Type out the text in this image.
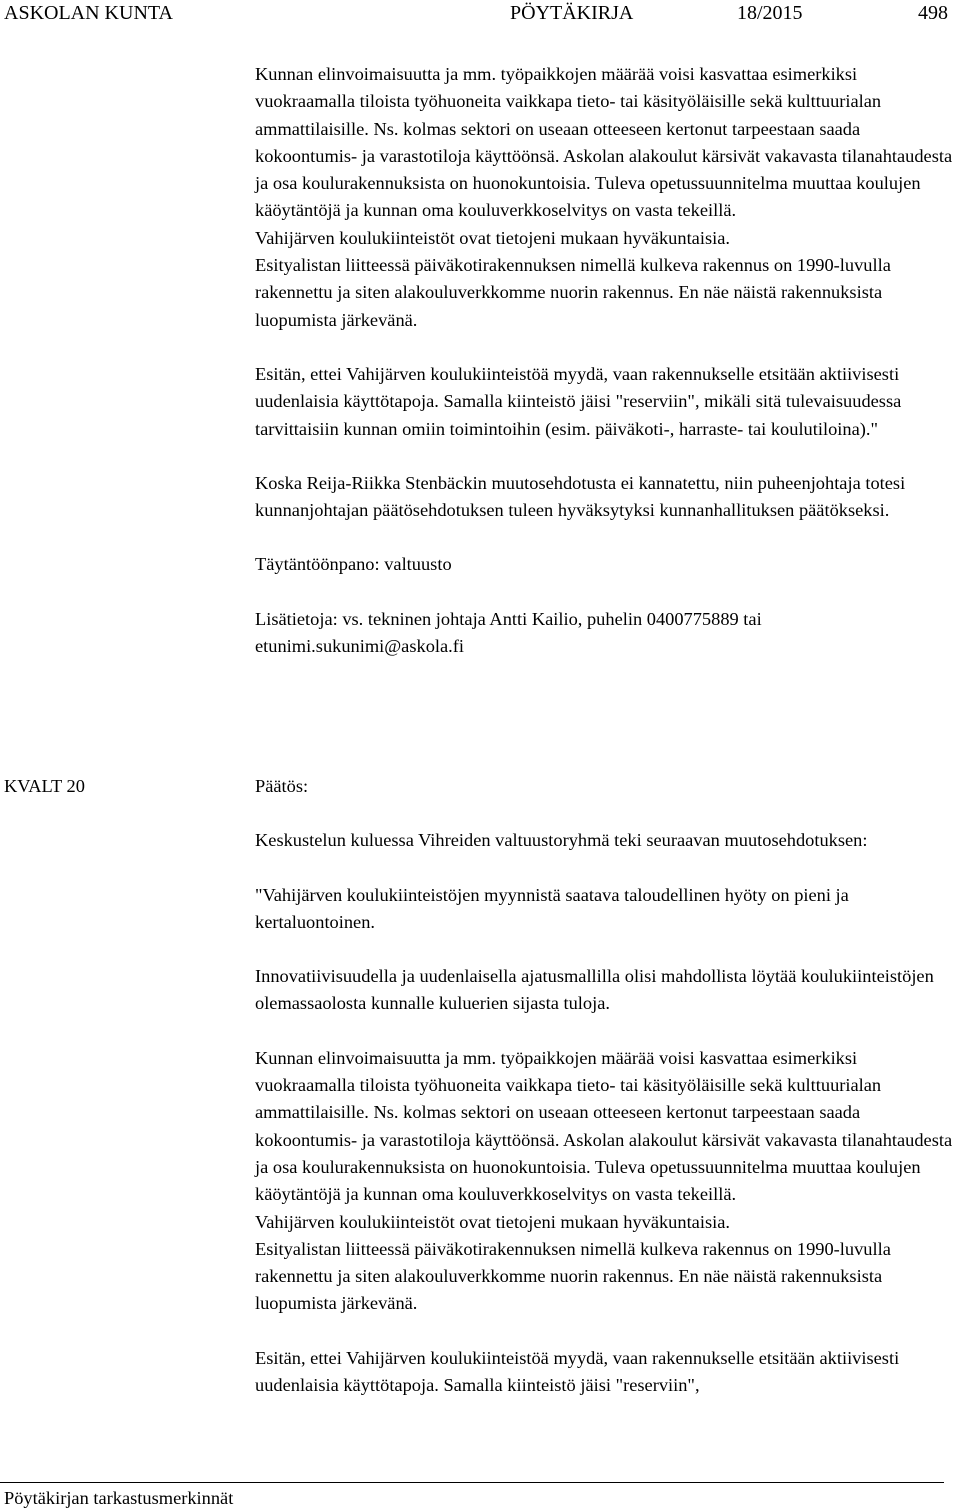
ASKOLAN KUNTA	PÖYTÄKIRJA	18/2015	498

Kunnan elinvoimaisuutta ja mm. työpaikkojen määrää voisi kasvattaa esimerkiksi vuokraamalla tiloista työhuoneita vaikkapa tieto- tai käsityöläisille sekä kulttuurialan ammattilaisille. Ns. kolmas sektori on useaan otteeseen kertonut tarpeestaan saada kokoontumis- ja varastotiloja käyttöönsä. Askolan alakoulut kärsivät vakavasta tilanahtaudesta ja osa koulurakennuksista on huonokuntoisia. Tuleva opetussuunnitelma muuttaa koulujen käöytäntöjä ja kunnan oma kouluverkkoselvitys on vasta tekeillä.

Vahijärven koulukiinteistöt ovat tietojeni mukaan hyväkuntaisia.

Esityalistan liitteessä päiväkotirakennuksen nimellä kulkeva rakennus on 1990-luvulla rakennettu ja siten alakouluverkkomme nuorin rakennus. En näe näistä rakennuksista luopumista järkevänä.

Esitän, ettei Vahijärven koulukiinteistöä myydä, vaan rakennukselle etsitään aktiivisesti uudenlaisia käyttötapoja. Samalla kiinteistö jäisi "reserviin", mikäli sitä tulevaisuudessa tarvittaisiin kunnan omiin toimintoihin (esim. päiväkoti-, harraste- tai koulutiloina)."

Koska Reija-Riikka Stenbäckin muutosehdotusta ei kannatettu, niin puheenjohtaja totesi kunnanjohtajan päätösehdotuksen tuleen hyväksytyksi kunnanhallituksen päätökseksi.

Täytäntöönpano: valtuusto

Lisätietoja: vs. tekninen johtaja Antti Kailio, puhelin 0400775889 tai etunimi.sukunimi@askola.fi

KVALT 20	Päätös:

Keskustelun kuluessa Vihreiden valtuustoryhmä teki seuraavan muutosehdotuksen:

"Vahijärven koulukiinteistöjen myynnistä saatava taloudellinen hyöty on pieni ja kertaluontoinen.

Innovatiivisuudella ja uudenlaisella ajatusmallilla olisi mahdollista löytää koulukiinteistöjen olemassaolosta kunnalle kuluerien sijasta tuloja.

Kunnan elinvoimaisuutta ja mm. työpaikkojen määrää voisi kasvattaa esimerkiksi vuokraamalla tiloista työhuoneita vaikkapa tieto- tai käsityöläisille sekä kulttuurialan ammattilaisille. Ns. kolmas sektori on useaan otteeseen kertonut tarpeestaan saada kokoontumis- ja varastotiloja käyttöönsä. Askolan alakoulut kärsivät vakavasta tilanahtaudesta ja osa koulurakennuksista on huonokuntoisia. Tuleva opetussuunnitelma muuttaa koulujen käöytäntöjä ja kunnan oma kouluverkkoselvitys on vasta tekeillä.

Vahijärven koulukiinteistöt ovat tietojeni mukaan hyväkuntaisia.

Esityalistan liitteessä päiväkotirakennuksen nimellä kulkeva rakennus on 1990-luvulla rakennettu ja siten alakouluverkkomme nuorin rakennus. En näe näistä rakennuksista luopumista järkevänä.

Esitän, ettei Vahijärven koulukiinteistöä myydä, vaan rakennukselle etsitään aktiivisesti uudenlaisia käyttötapoja. Samalla kiinteistö jäisi "reserviin",

Pöytäkirjan tarkastusmerkinnät
